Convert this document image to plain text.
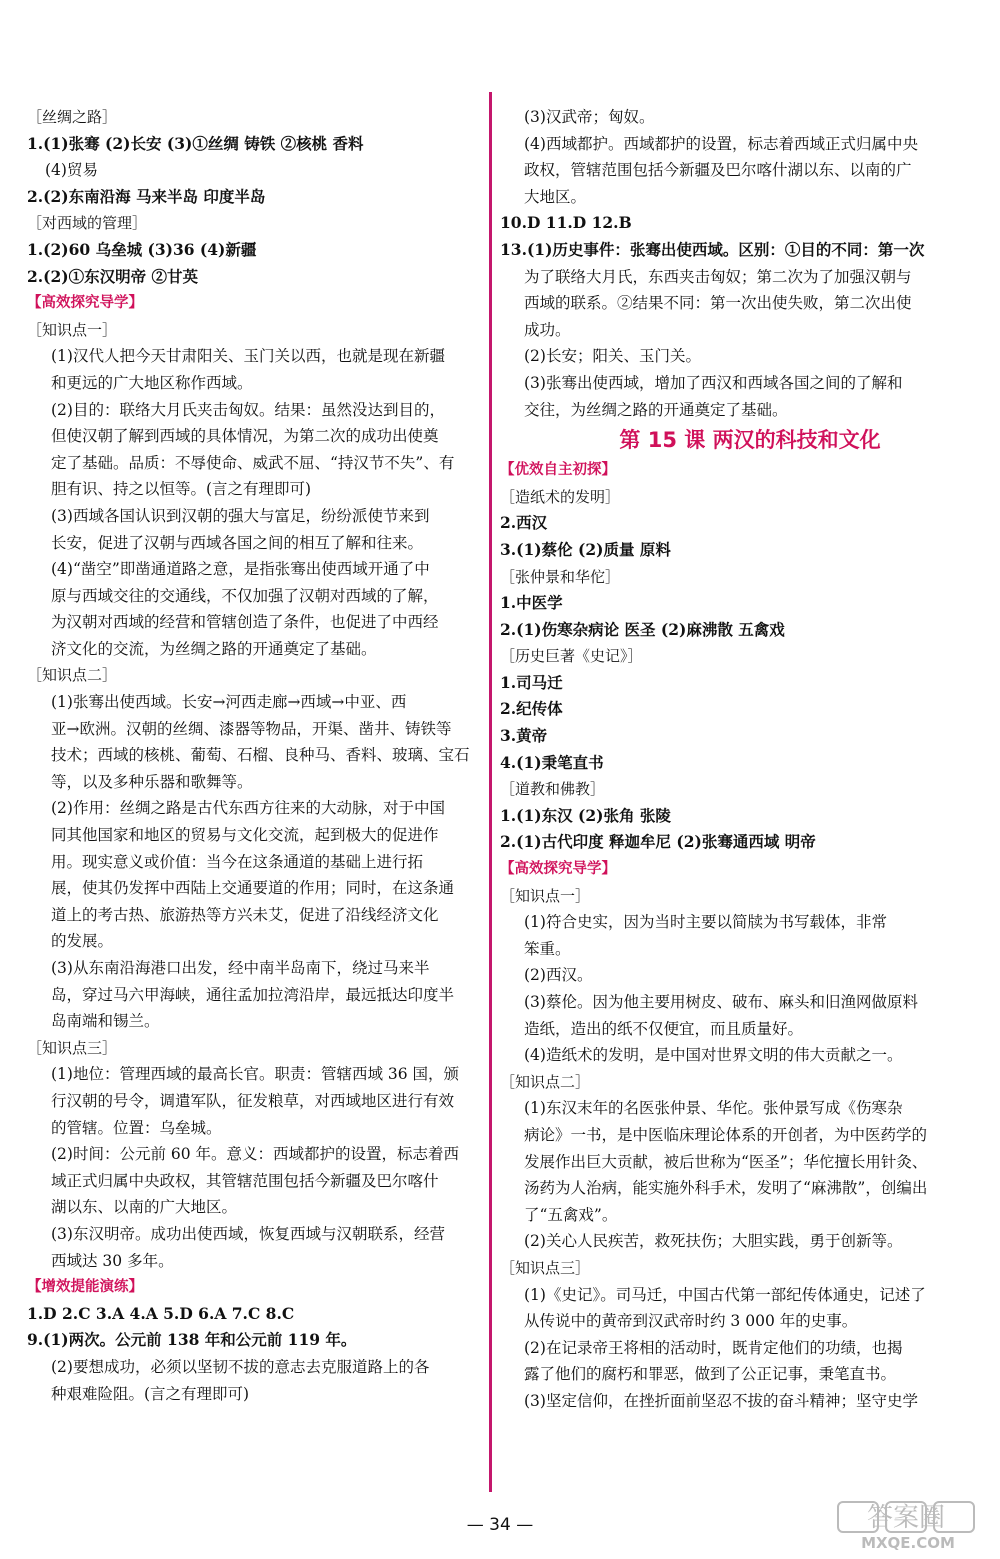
［丝绸之路］
1.(1)张骞 (2)长安 (3)①丝绸 铸铁 ②核桃 香料
(4)贸易
2.(2)东南沿海 马来半岛 印度半岛
［对西域的管理］
1.(2)60 乌垒城 (3)36 (4)新疆
2.(2)①东汉明帝 ②甘英
【高效探究导学】
［知识点一］
(1)汉代人把今天甘肃阳关、玉门关以西，也就是现在新疆
和更远的广大地区称作西域。
(2)目的：联络大月氏夹击匈奴。结果：虽然没达到目的，
但使汉朝了解到西域的具体情况，为第二次的成功出使奠
定了基础。品质：不辱使命、威武不屈、“持汉节不失”、有
胆有识、持之以恒等。(言之有理即可)
(3)西域各国认识到汉朝的强大与富足，纷纷派使节来到
长安，促进了汉朝与西域各国之间的相互了解和往来。
(4)“凿空”即凿通道路之意，是指张骞出使西域开通了中
原与西域交往的交通线，不仅加强了汉朝对西域的了解，
为汉朝对西域的经营和管辖创造了条件，也促进了中西经
济文化的交流，为丝绸之路的开通奠定了基础。
［知识点二］
(1)张骞出使西域。长安→河西走廊→西域→中亚、西
亚→欧洲。汉朝的丝绸、漆器等物品，开渠、凿井、铸铁等
技术；西域的核桃、葡萄、石榴、良种马、香料、玻璃、宝石
等，以及多种乐器和歌舞等。
(2)作用：丝绸之路是古代东西方往来的大动脉，对于中国
同其他国家和地区的贸易与文化交流，起到极大的促进作
用。现实意义或价值：当今在这条通道的基础上进行拓
展，使其仍发挥中西陆上交通要道的作用；同时，在这条通
道上的考古热、旅游热等方兴未艾，促进了沿线经济文化
的发展。
(3)从东南沿海港口出发，经中南半岛南下，绕过马来半
岛，穿过马六甲海峡，通往孟加拉湾沿岸，最远抵达印度半
岛南端和锡兰。
［知识点三］
(1)地位：管理西域的最高长官。职责：管辖西域 36 国，颁
行汉朝的号令，调遣军队，征发粮草，对西域地区进行有效
的管辖。位置：乌垒城。
(2)时间：公元前 60 年。意义：西域都护的设置，标志着西
域正式归属中央政权，其管辖范围包括今新疆及巴尔喀什
湖以东、以南的广大地区。
(3)东汉明帝。成功出使西域，恢复西域与汉朝联系，经营
西域达 30 多年。
【增效提能演练】
1.D 2.C 3.A 4.A 5.D 6.A 7.C 8.C
9.(1)两次。公元前 138 年和公元前 119 年。
(2)要想成功，必须以坚韧不拔的意志去克服道路上的各
种艰难险阻。(言之有理即可)
(3)汉武帝；匈奴。
(4)西域都护。西域都护的设置，标志着西域正式归属中央
政权，管辖范围包括今新疆及巴尔喀什湖以东、以南的广
大地区。
10.D 11.D 12.B
13.(1)历史事件：张骞出使西域。区别：①目的不同：第一次
为了联络大月氏，东西夹击匈奴；第二次为了加强汉朝与
西域的联系。②结果不同：第一次出使失败，第二次出使
成功。
(2)长安；阳关、玉门关。
(3)张骞出使西域，增加了西汉和西域各国之间的了解和
交往，为丝绸之路的开通奠定了基础。
第 15 课 两汉的科技和文化
【优效自主初探】
［造纸术的发明］
2.西汉
3.(1)蔡伦 (2)质量 原料
［张仲景和华佗］
1.中医学
2.(1)伤寒杂病论 医圣 (2)麻沸散 五禽戏
［历史巨著《史记》］
1.司马迁
2.纪传体
3.黄帝
4.(1)秉笔直书
［道教和佛教］
1.(1)东汉 (2)张角 张陵
2.(1)古代印度 释迦牟尼 (2)张骞通西域 明帝
【高效探究导学】
［知识点一］
(1)符合史实，因为当时主要以简牍为书写载体，非常
笨重。
(2)西汉。
(3)蔡伦。因为他主要用树皮、破布、麻头和旧渔网做原料
造纸，造出的纸不仅便宜，而且质量好。
(4)造纸术的发明，是中国对世界文明的伟大贡献之一。
［知识点二］
(1)东汉末年的名医张仲景、华佗。张仲景写成《伤寒杂
病论》一书，是中医临床理论体系的开创者，为中医药学的
发展作出巨大贡献，被后世称为“医圣”；华佗擅长用针灸、
汤药为人治病，能实施外科手术，发明了“麻沸散”，创编出
了“五禽戏”。
(2)关心人民疾苦，救死扶伤；大胆实践，勇于创新等。
［知识点三］
(1)《史记》。司马迁，中国古代第一部纪传体通史，记述了
从传说中的黄帝到汉武帝时约 3 000 年的史事。
(2)在记录帝王将相的活动时，既肯定他们的功绩，也揭
露了他们的腐朽和罪恶，做到了公正记事，秉笔直书。
(3)坚定信仰，在挫折面前坚忍不拔的奋斗精神；坚守史学
— 34 —	答案圈
MXQE.COM
